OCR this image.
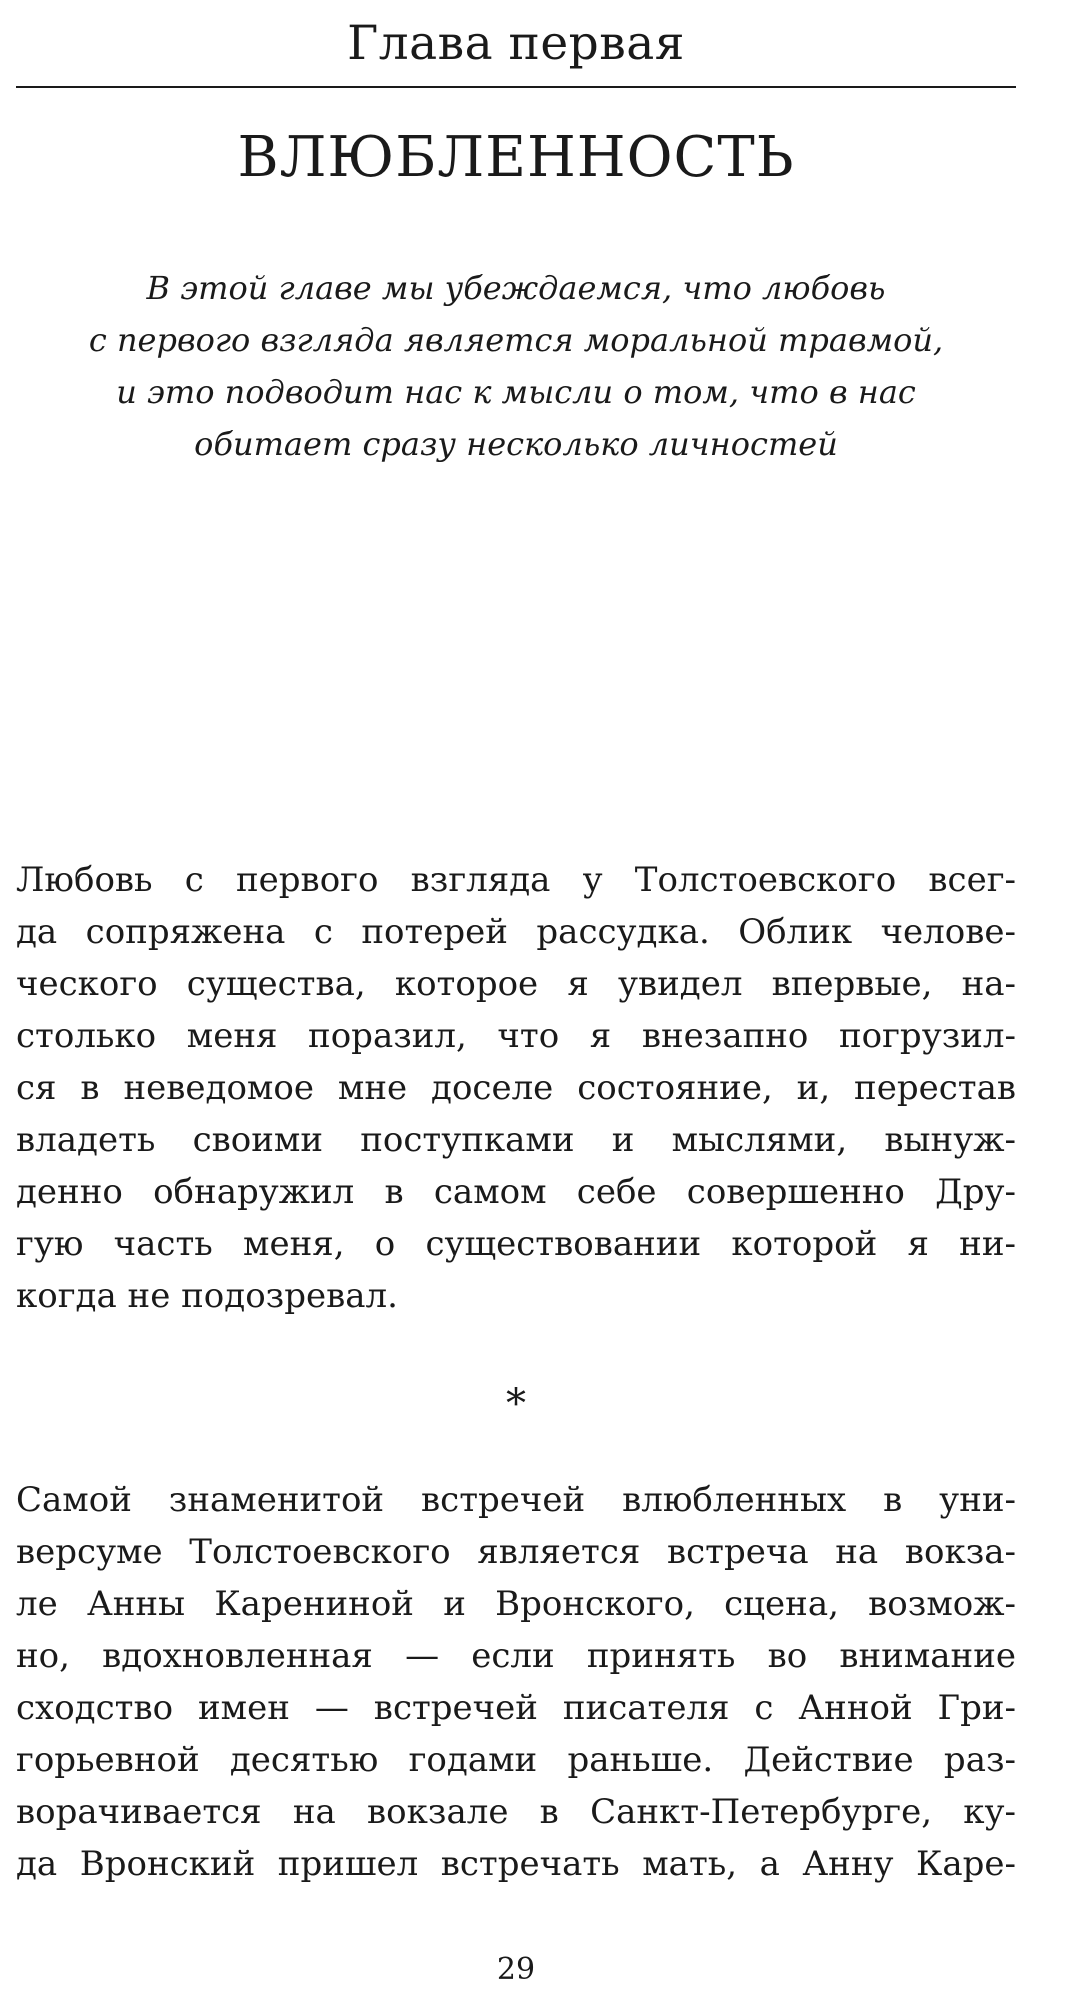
Глава первая
ВЛЮБЛЕННОСТЬ
В этой главе мы убеждаемся, что любовь
с первого взгляда является моральной травмой,
и это подводит нас к мысли о том, что в нас
обитает сразу несколько личностей
Любовь с первого взгляда у Толстоевского всег-
да сопряжена с потерей рассудка. Облик челове-
ческого существа, которое я увидел впервые, на-
столько меня поразил, что я внезапно погрузил-
ся в неведомое мне доселе состояние, и, перестав
владеть своими поступками и мыслями, вынуж-
денно обнаружил в самом себе совершенно Дру-
гую часть меня, о существовании которой я ни-
когда не подозревал.
*
Самой знаменитой встречей влюбленных в уни-
версуме Толстоевского является встреча на вокза-
ле Анны Карениной и Вронского, сцена, возмож-
но, вдохновленная — если принять во внимание
сходство имен — встречей писателя с Анной Гри-
горьевной десятью годами раньше. Действие раз-
ворачивается на вокзале в Санкт-Петербурге, ку-
да Вронский пришел встречать мать, а Анну Каре-
29
